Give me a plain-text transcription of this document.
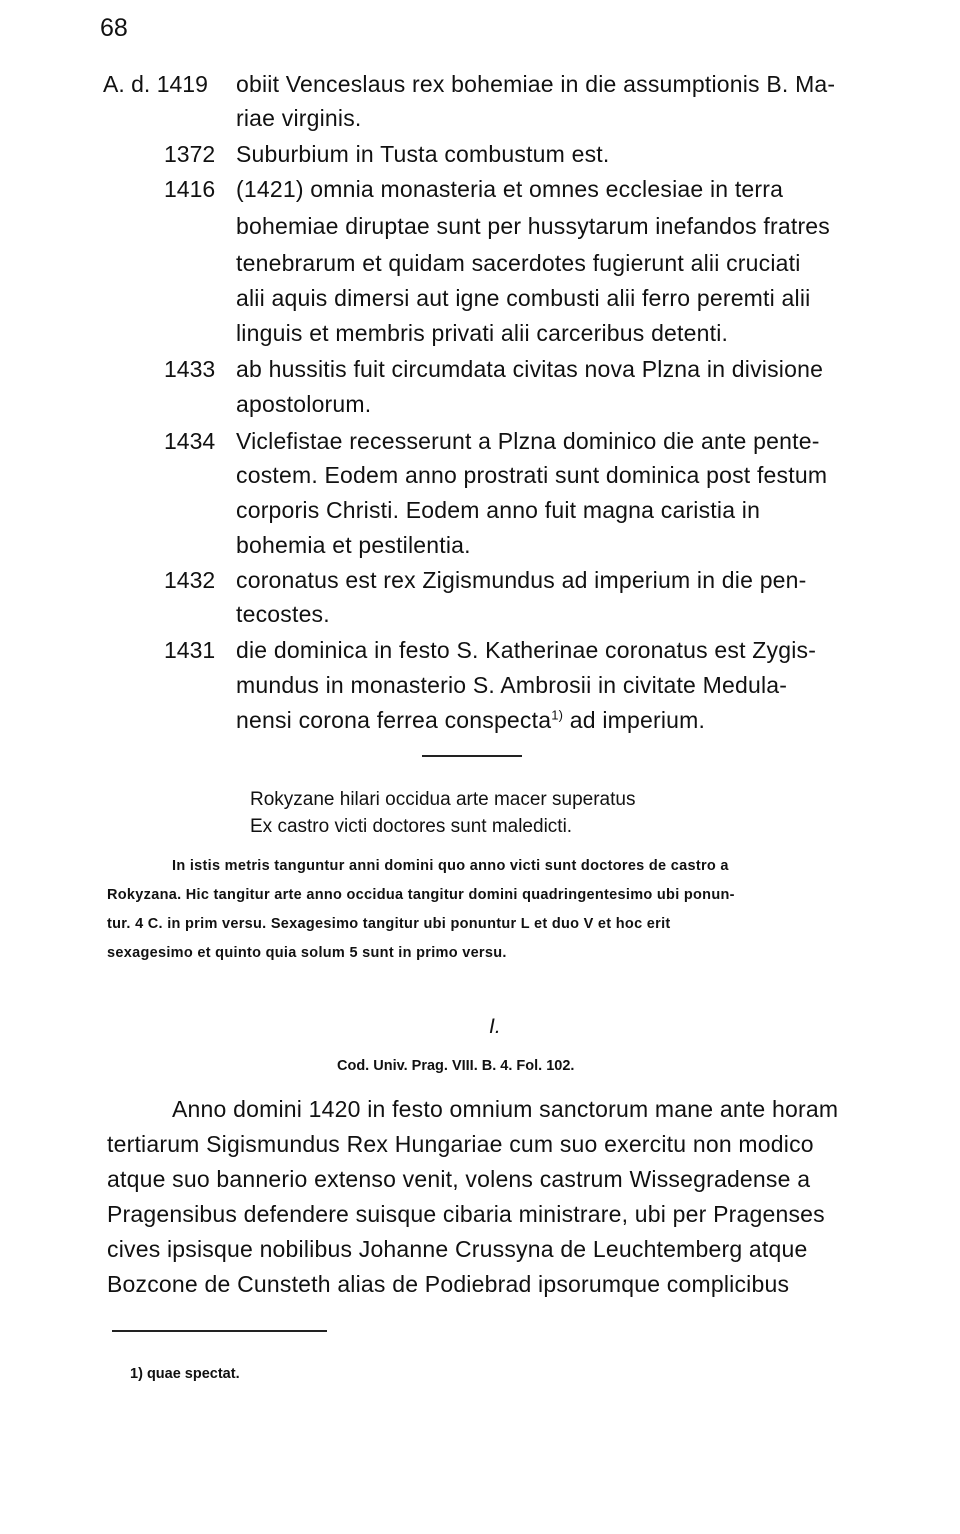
68
A. d. 1419 obiit Venceslaus rex bohemiae in die assumptionis B. Ma-
riae virginis.
1372 Suburbium in Tusta combustum est.
1416 (1421) omnia monasteria et omnes ecclesiae in terra
bohemiae diruptae sunt per hussytarum inefandos fratres
tenebrarum et quidam sacerdotes fugierunt alii cruciati
alii aquis dimersi aut igne combusti alii ferro peremti alii
linguis et membris privati alii carceribus detenti.
1433 ab hussitis fuit circumdata civitas nova Plzna in divisione
apostolorum.
1434 Viclefistae recesserunt a Plzna dominico die ante pente-
costem. Eodem anno prostrati sunt dominica post festum
corporis Christi. Eodem anno fuit magna caristia in
bohemia et pestilentia.
1432 coronatus est rex Zigismundus ad imperium in die pen-
tecostes.
1431 die dominica in festo S. Katherinae coronatus est Zygis-
mundus in monasterio S. Ambrosii in civitate Medula-
nensi corona ferrea conspecta$^{1)}$ ad imperium.
Rokyzane hilari occidua arte macer superatus
Ex castro victi doctores sunt maledicti.
In istis metris tanguntur anni domini quo anno victi sunt doctores de castro a
Rokyzana. Hic tangitur arte anno occidua tangitur domini quadringentesimo ubi ponun-
tur. 4 C. in prim versu. Sexagesimo tangitur ubi ponuntur L et duo V et hoc erit
sexagesimo et quinto quia solum 5 sunt in primo versu.
I.
Cod. Univ. Prag. VIII. B. 4. Fol. 102.
Anno domini 1420 in festo omnium sanctorum mane ante horam
tertiarum Sigismundus Rex Hungariae cum suo exercitu non modico
atque suo bannerio extenso venit, volens castrum Wissegradense a
Pragensibus defendere suisque cibaria ministrare, ubi per Pragenses
cives ipsisque nobilibus Johanne Crussyna de Leuchtemberg atque
Bozcone de Cunsteth alias de Podiebrad ipsorumque complicibus
1) quae spectat.
